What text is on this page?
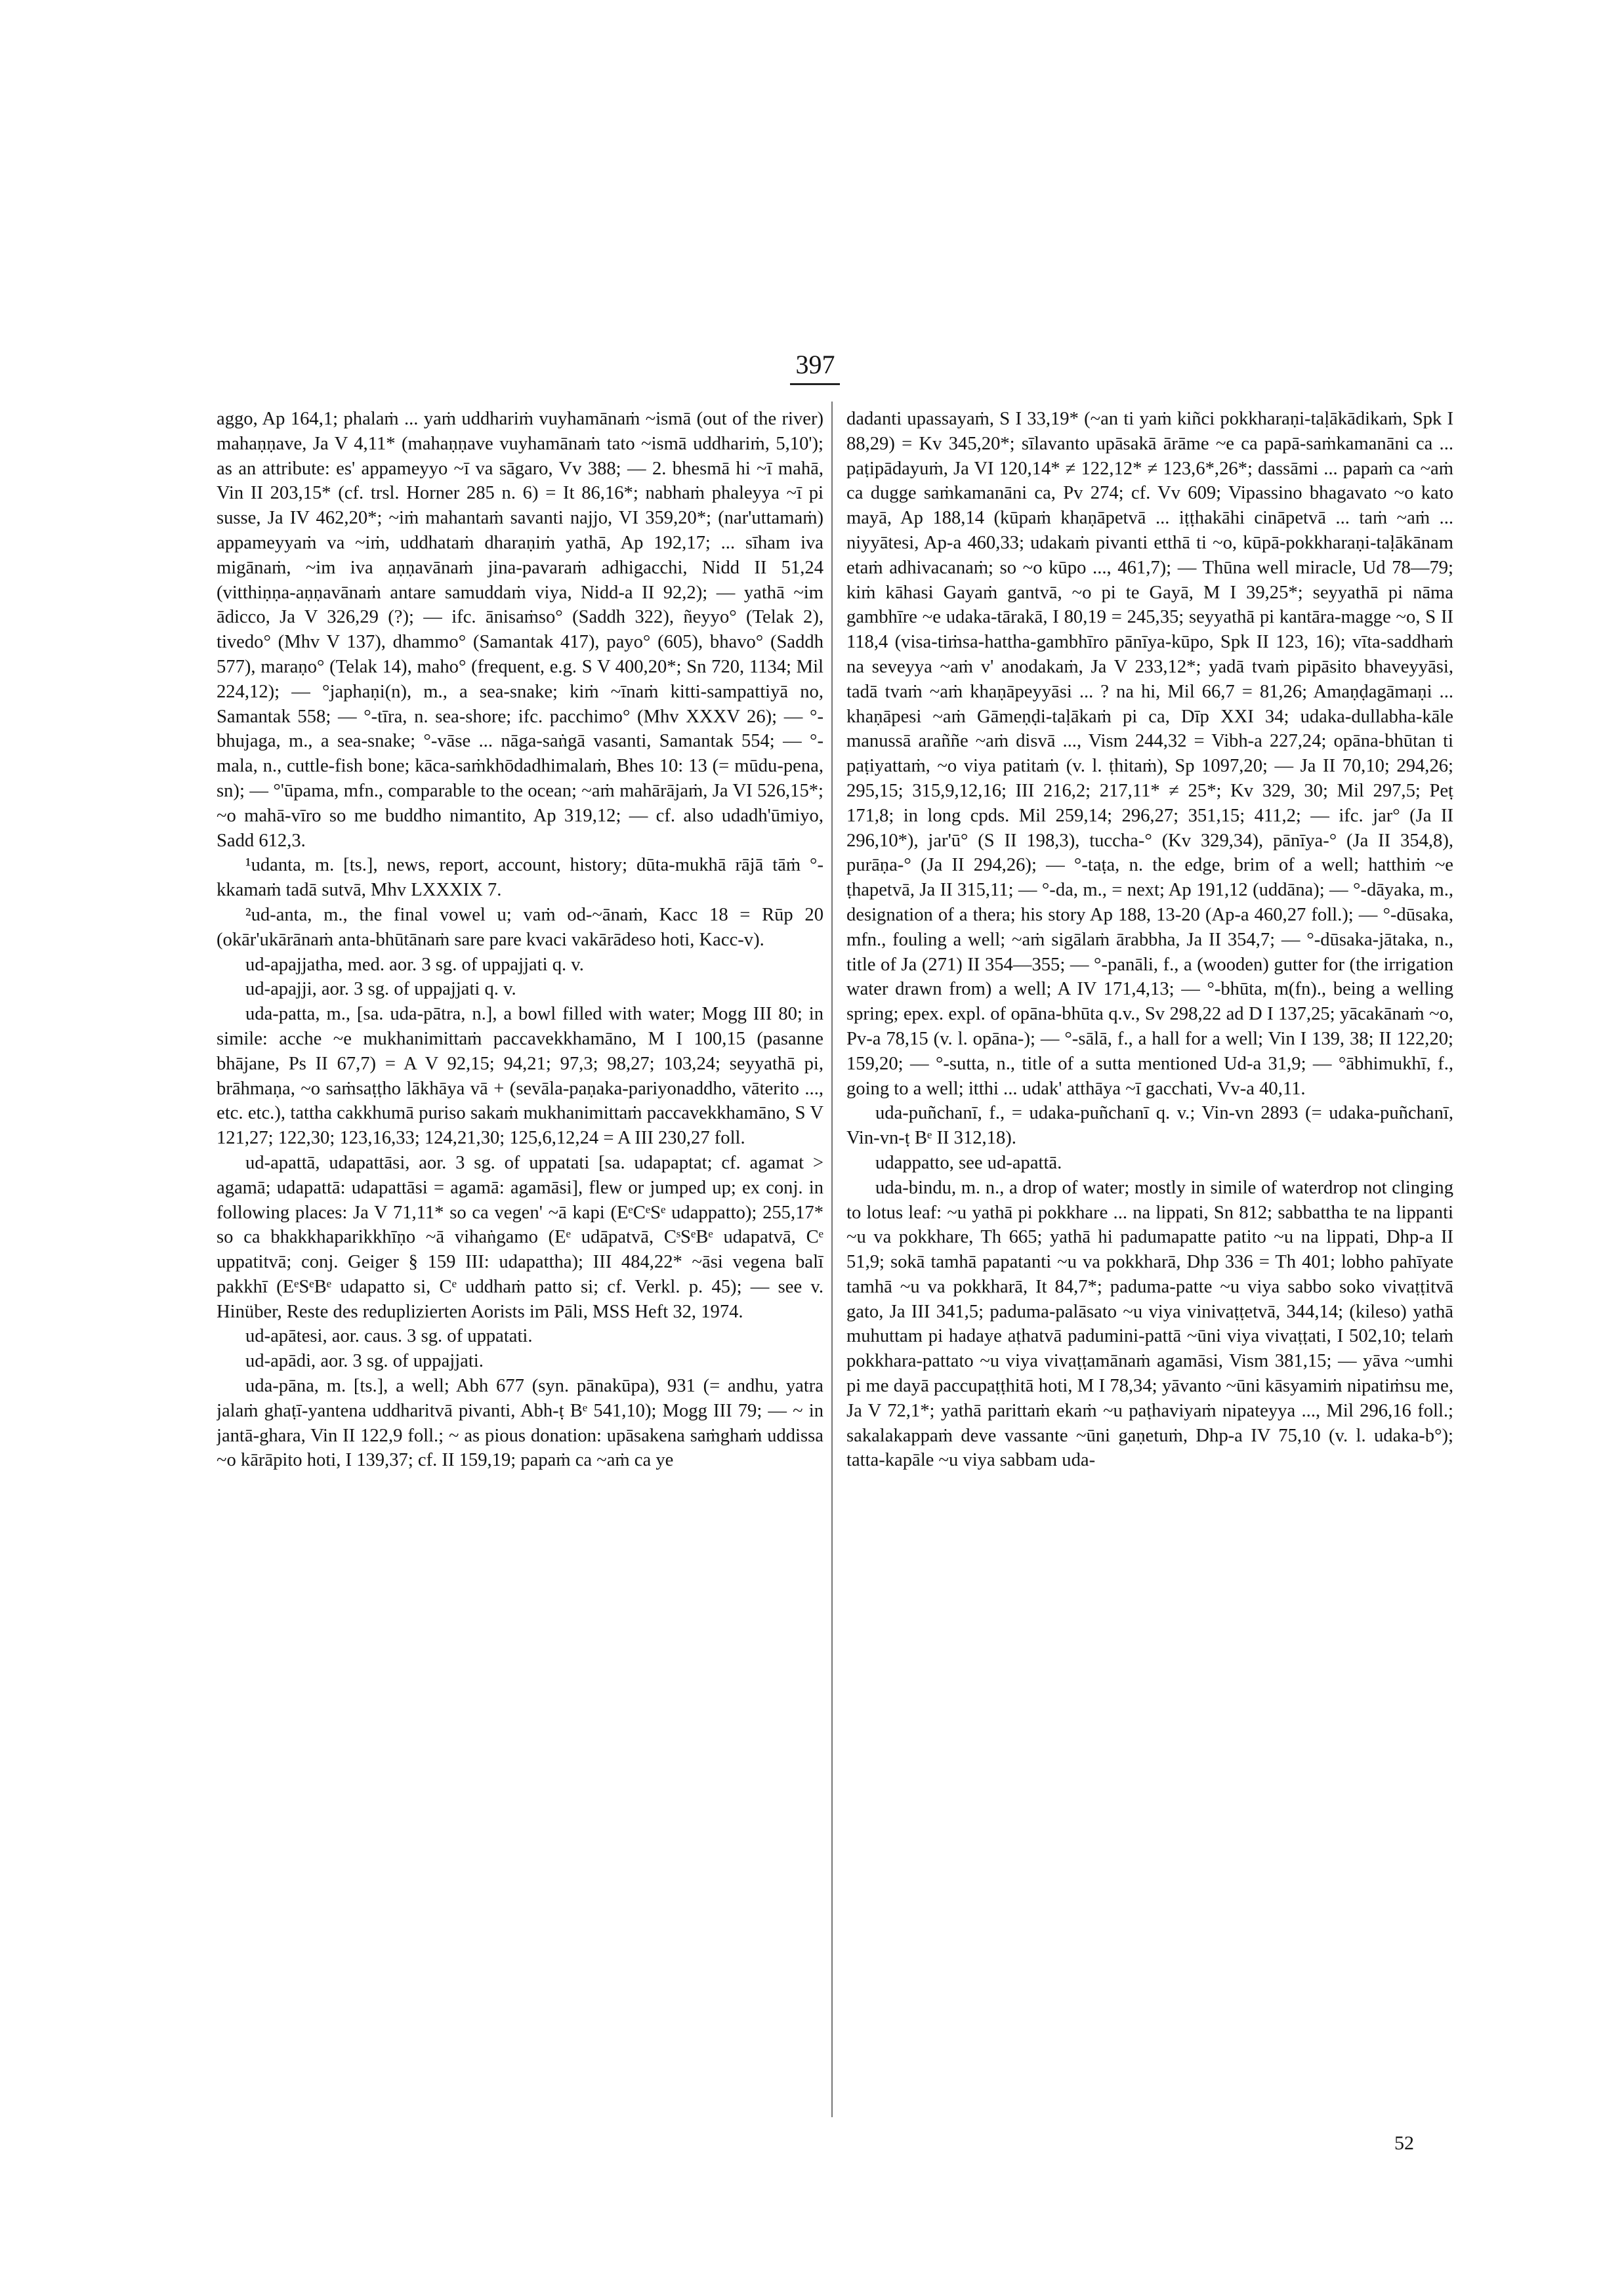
397

aggo, Ap 164,1; phalaṁ ... yaṁ uddhariṁ vuyhamānaṁ ~ismā (out of the river) mahaṇṇave, Ja V 4,11* (mahaṇṇave vuyhamānaṁ tato ~ismā uddhariṁ, 5,10'); as an attribute: es' appameyyo ~ī va sāgaro, Vv 388; — 2. bhesmā hi ~ī mahā, Vin II 203,15* (cf. trsl. Horner 285 n. 6) = It 86,16*; nabhaṁ phaleyya ~ī pi susse, Ja IV 462,20*; ~iṁ mahantaṁ savanti najjo, VI 359,20*; (nar'uttamaṁ) appameyyaṁ va ~iṁ, uddhataṁ dharaṇiṁ yathā, Ap 192,17; ... sīham iva migānaṁ, ~im iva aṇṇavānaṁ jina-pavaraṁ adhigacchi, Nidd II 51,24 (vitthiṇṇa-aṇṇavānaṁ antare samuddaṁ viya, Nidd-a II 92,2); — yathā ~im ādicco, Ja V 326,29 (?); — ifc. ānisaṁso° (Saddh 322), ñeyyo° (Telak 2), tivedo° (Mhv V 137), dhammo° (Samantak 417), payo° (605), bhavo° (Saddh 577), maraṇo° (Telak 14), maho° (frequent, e.g. S V 400,20*; Sn 720, 1134; Mil 224,12); — °japhaṇi(n), m., a sea-snake; kiṁ ~īnaṁ kitti-sampattiyā no, Samantak 558; — °-tīra, n. sea-shore; ifc. pacchimo° (Mhv XXXV 26); — °-bhujaga, m., a sea-snake; °-vāse ... nāga-saṅgā vasanti, Samantak 554; — °-mala, n., cuttle-fish bone; kāca-saṁkhōdadhimalaṁ, Bhes 10: 13 (= mūdu-pena, sn); — °'ūpama, mfn., comparable to the ocean; ~aṁ mahārājaṁ, Ja VI 526,15*; ~o mahā-vīro so me buddho nimantito, Ap 319,12; — cf. also udadh'ūmiyo, Sadd 612,3.

¹udanta, m. [ts.], news, report, account, history; dūta-mukhā rājā tāṁ °-kkamaṁ tadā sutvā, Mhv LXXXIX 7.

²ud-anta, m., the final vowel u; vaṁ od-~ānaṁ, Kacc 18 = Rūp 20 (okār'ukārānaṁ anta-bhūtānaṁ sare pare kvaci vakārādeso hoti, Kacc-v).

ud-apajjatha, med. aor. 3 sg. of uppajjati q. v.

ud-apajji, aor. 3 sg. of uppajjati q. v.

uda-patta, m., [sa. uda-pātra, n.], a bowl filled with water; Mogg III 80; in simile: acche ~e mukhanimittaṁ paccavekkhamāno, M I 100,15 (pasanne bhājane, Ps II 67,7) = A V 92,15; 94,21; 97,3; 98,27; 103,24; seyyathā pi, brāhmaṇa, ~o saṁsaṭṭho lākhāya vā + (sevāla-paṇaka-pariyonaddho, vāterito ..., etc. etc.), tattha cakkhumā puriso sakaṁ mukhanimittaṁ paccavekkhamāno, S V 121,27; 122,30; 123,16,33; 124,21,30; 125,6,12,24 = A III 230,27 foll.

ud-apattā, udapattāsi, aor. 3 sg. of uppatati [sa. udapaptat; cf. agamat > agamā; udapattā: udapattāsi = agamā: agamāsi], flew or jumped up; ex conj. in following places: Ja V 71,11* so ca vegen' ~ā kapi (EᵉCᵉSᵉ udappatto); 255,17* so ca bhakkhaparikkhīṇo ~ā vihaṅgamo (Eᵉ udāpatvā, CˢSᵉBᵉ udapatvā, Cᵉ uppatitvā; conj. Geiger § 159 III: udapattha); III 484,22* ~āsi vegena balī pakkhī (EᵉSᵉBᵉ udapatto si, Cᵉ uddhaṁ patto si; cf. Verkl. p. 45); — see v. Hinüber, Reste des reduplizierten Aorists im Pāli, MSS Heft 32, 1974.

ud-apātesi, aor. caus. 3 sg. of uppatati.

ud-apādi, aor. 3 sg. of uppajjati.

uda-pāna, m. [ts.], a well; Abh 677 (syn. pānakūpa), 931 (= andhu, yatra jalaṁ ghaṭī-yantena uddharitvā pivanti, Abh-ṭ Bᵉ 541,10); Mogg III 79; — ~ in jantā-ghara, Vin II 122,9 foll.; ~ as pious donation: upāsakena saṁghaṁ uddissa ~o kārāpito hoti, I 139,37; cf. II 159,19; papaṁ ca ~aṁ ca ye

dadanti upassayaṁ, S I 33,19* (~an ti yaṁ kiñci pokkharaṇi-taḷākādikaṁ, Spk I 88,29) = Kv 345,20*; sīlavanto upāsakā ārāme ~e ca papā-saṁkamanāni ca ... paṭipādayuṁ, Ja VI 120,14* ≠ 122,12* ≠ 123,6*,26*; dassāmi ... papaṁ ca ~aṁ ca dugge saṁkamanāni ca, Pv 274; cf. Vv 609; Vipassino bhagavato ~o kato mayā, Ap 188,14 (kūpaṁ khaṇāpetvā ... iṭṭhakāhi cināpetvā ... taṁ ~aṁ ... niyyātesi, Ap-a 460,33; udakaṁ pivanti etthā ti ~o, kūpā-pokkharaṇi-taḷākānam etaṁ adhivacanaṁ; so ~o kūpo ..., 461,7); — Thūna well miracle, Ud 78—79; kiṁ kāhasi Gayaṁ gantvā, ~o pi te Gayā, M I 39,25*; seyyathā pi nāma gambhīre ~e udaka-tārakā, I 80,19 = 245,35; seyyathā pi kantāra-magge ~o, S II 118,4 (visa-tiṁsa-hattha-gambhīro pānīya-kūpo, Spk II 123, 16); vīta-saddhaṁ na seveyya ~aṁ v' anodakaṁ, Ja V 233,12*; yadā tvaṁ pipāsito bhaveyyāsi, tadā tvaṁ ~aṁ khaṇāpeyyāsi ... ? na hi, Mil 66,7 = 81,26; Amaṇḍagāmaṇi ... khaṇāpesi ~aṁ Gāmeṇḍi-taḷākaṁ pi ca, Dīp XXI 34; udaka-dullabha-kāle manussā araññe ~aṁ disvā ..., Vism 244,32 = Vibh-a 227,24; opāna-bhūtan ti paṭiyattaṁ, ~o viya patitaṁ (v. l. ṭhitaṁ), Sp 1097,20; — Ja II 70,10; 294,26; 295,15; 315,9,12,16; III 216,2; 217,11* ≠ 25*; Kv 329, 30; Mil 297,5; Peṭ 171,8; in long cpds. Mil 259,14; 296,27; 351,15; 411,2; — ifc. jar° (Ja II 296,10*), jar'ū° (S II 198,3), tuccha-° (Kv 329,34), pānīya-° (Ja II 354,8), purāṇa-° (Ja II 294,26); — °-taṭa, n. the edge, brim of a well; hatthiṁ ~e ṭhapetvā, Ja II 315,11; — °-da, m., = next; Ap 191,12 (uddāna); — °-dāyaka, m., designation of a thera; his story Ap 188, 13-20 (Ap-a 460,27 foll.); — °-dūsaka, mfn., fouling a well; ~aṁ sigālaṁ ārabbha, Ja II 354,7; — °-dūsaka-jātaka, n., title of Ja (271) II 354—355; — °-panāli, f., a (wooden) gutter for (the irrigation water drawn from) a well; A IV 171,4,13; — °-bhūta, m(fn)., being a welling spring; epex. expl. of opāna-bhūta q.v., Sv 298,22 ad D I 137,25; yācakānaṁ ~o, Pv-a 78,15 (v. l. opāna-); — °-sālā, f., a hall for a well; Vin I 139, 38; II 122,20; 159,20; — °-sutta, n., title of a sutta mentioned Ud-a 31,9; — °ābhimukhī, f., going to a well; itthi ... udak' atthāya ~ī gacchati, Vv-a 40,11.

uda-puñchanī, f., = udaka-puñchanī q. v.; Vin-vn 2893 (= udaka-puñchanī, Vin-vn-ṭ Bᵉ II 312,18).

udappatto, see ud-apattā.

uda-bindu, m. n., a drop of water; mostly in simile of waterdrop not clinging to lotus leaf: ~u yathā pi pokkhare ... na lippati, Sn 812; sabbattha te na lippanti ~u va pokkhare, Th 665; yathā hi padumapatte patito ~u na lippati, Dhp-a II 51,9; sokā tamhā papatanti ~u va pokkharā, Dhp 336 = Th 401; lobho pahīyate tamhā ~u va pokkharā, It 84,7*; paduma-patte ~u viya sabbo soko vivaṭṭitvā gato, Ja III 341,5; paduma-palāsato ~u viya vinivaṭṭetvā, 344,14; (kileso) yathā muhuttam pi hadaye aṭhatvā padumini-pattā ~ūni viya vivaṭṭati, I 502,10; telaṁ pokkhara-pattato ~u viya vivaṭṭamānaṁ agamāsi, Vism 381,15; — yāva ~umhi pi me dayā paccupaṭṭhitā hoti, M I 78,34; yāvanto ~ūni kāsyamiṁ nipatiṁsu me, Ja V 72,1*; yathā parittaṁ ekaṁ ~u paṭhaviyaṁ nipateyya ..., Mil 296,16 foll.; sakalakappaṁ deve vassante ~ūni gaṇetuṁ, Dhp-a IV 75,10 (v. l. udaka-b°); tatta-kapāle ~u viya sabbam uda-

52
